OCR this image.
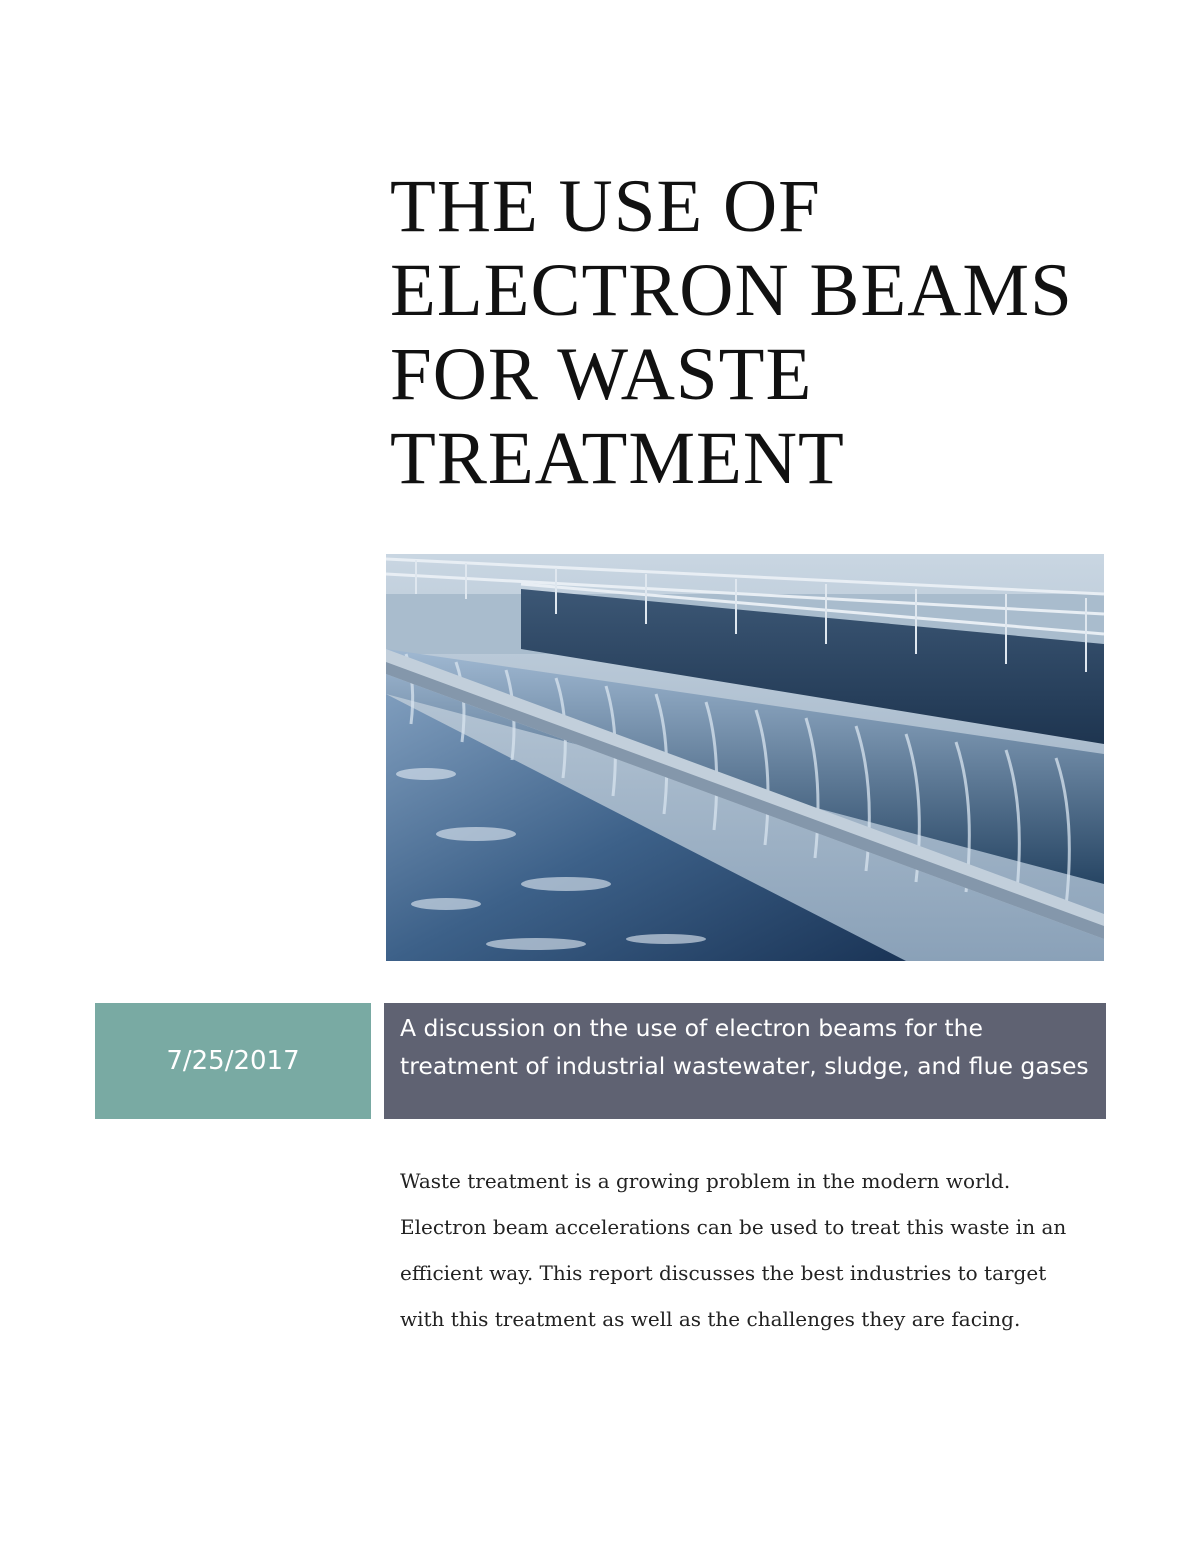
THE USE OF
ELECTRON BEAMS
FOR WASTE
TREATMENT
7/25/2017
A discussion on the use of electron beams for the treatment of industrial wastewater, sludge, and flue gases

Waste treatment is a growing problem in the modern world. Electron beam accelerations can be used to treat this waste in an efficient way. This report discusses the best industries to target with this treatment as well as the challenges they are facing.
